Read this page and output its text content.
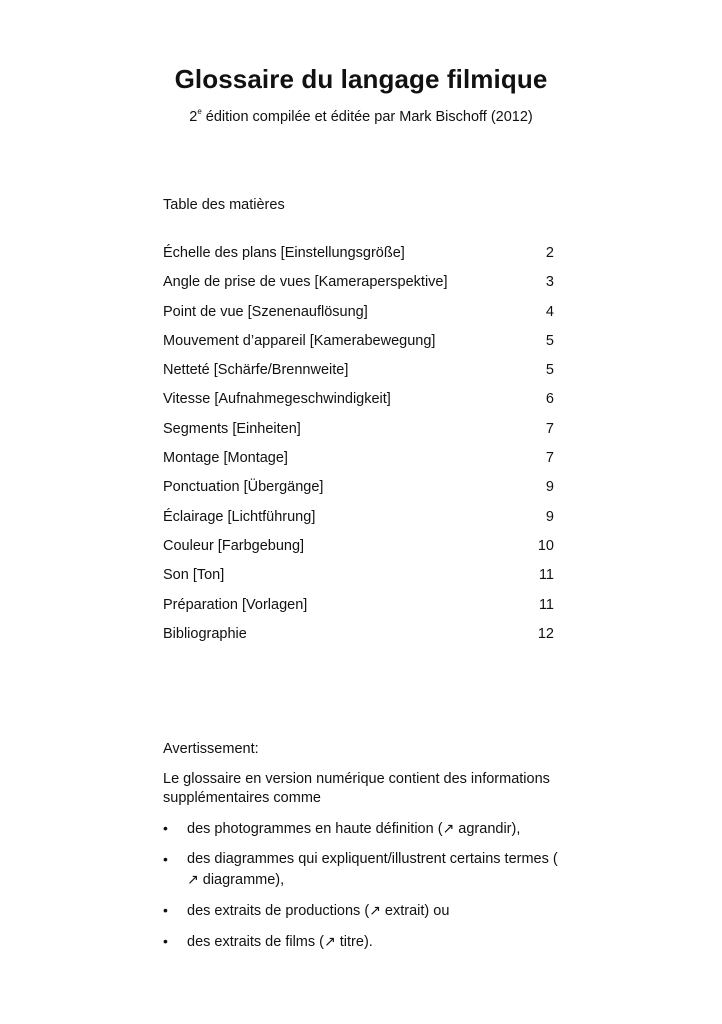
Glossaire du langage filmique
2e édition compilée et éditée par Mark Bischoff (2012)
Table des matières
Échelle des plans [Einstellungsgröße]	2
Angle de prise de vues [Kameraperspektive]	3
Point de vue [Szenenauflösung]	4
Mouvement d’appareil [Kamerabewegung]	5
Netteté [Schärfe/Brennweite]	5
Vitesse [Aufnahmegeschwindigkeit]	6
Segments [Einheiten]	7
Montage [Montage]	7
Ponctuation [Übergänge]	9
Éclairage [Lichtführung]	9
Couleur [Farbgebung]	10
Son [Ton]	11
Préparation [Vorlagen]	11
Bibliographie	12
Avertissement:
Le glossaire en version numérique contient des informations supplémentaires comme
• des photogrammes en haute définition (↗ agrandir),
• des diagrammes qui expliquent/illustrent certains termes (↗ diagramme),
• des extraits de productions (↗ extrait) ou
• des extraits de films (↗ titre).
